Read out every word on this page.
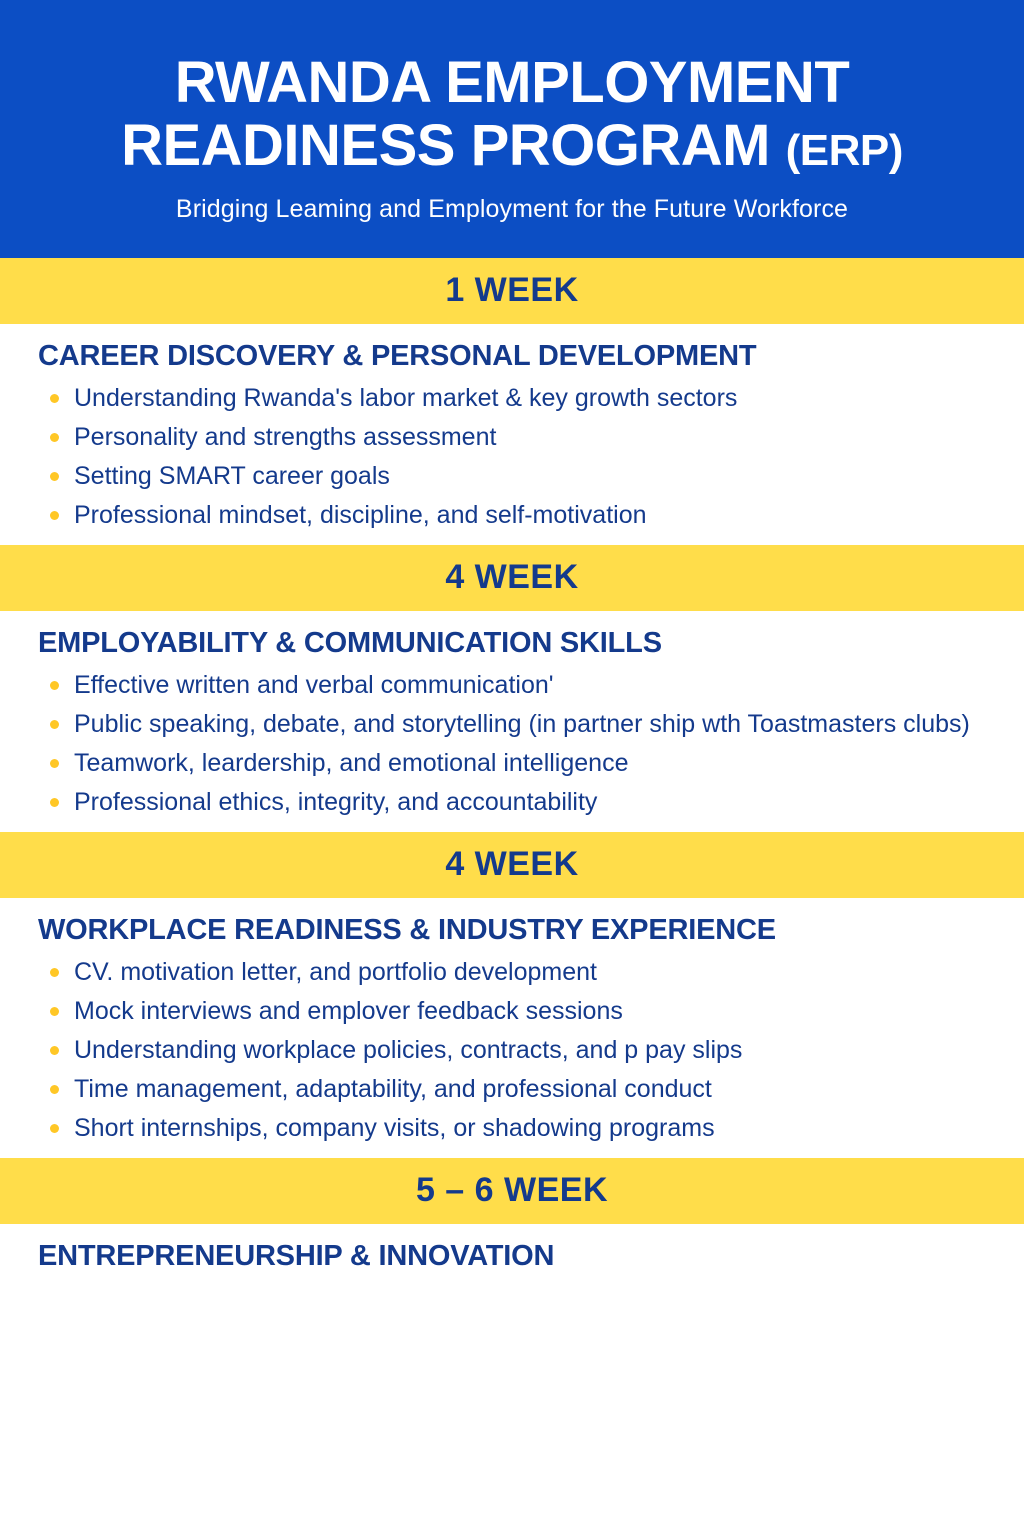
RWANDA EMPLOYMENT
READINESS PROGRAM (ERP)
Bridging Leaming and Employment for the Future Workforce
1 WEEK
CAREER DISCOVERY & PERSONAL DEVELOPMENT
Understanding Rwanda's labor market & key growth sectors
Personality and strengths assessment
Setting SMART career goals
Professional mindset, discipline, and self-motivation
4 WEEK
EMPLOYABILITY & COMMUNICATION SKILLS
Effective written and verbal communication'
Public speaking, debate, and storytelling (in partner ship wth Toastmasters clubs)
Teamwork, leardership, and emotional intelligence
Professional ethics, integrity, and accountability
4 WEEK
WORKPLACE READINESS & INDUSTRY EXPERIENCE
CV. motivation letter, and portfolio development
Mock interviews and emplover feedback sessions
Understanding workplace policies, contracts, and p pay slips
Time management, adaptability, and professional conduct
Short internships, company visits, or shadowing programs
5 – 6 WEEK
ENTREPRENEURSHIP & INNOVATION
